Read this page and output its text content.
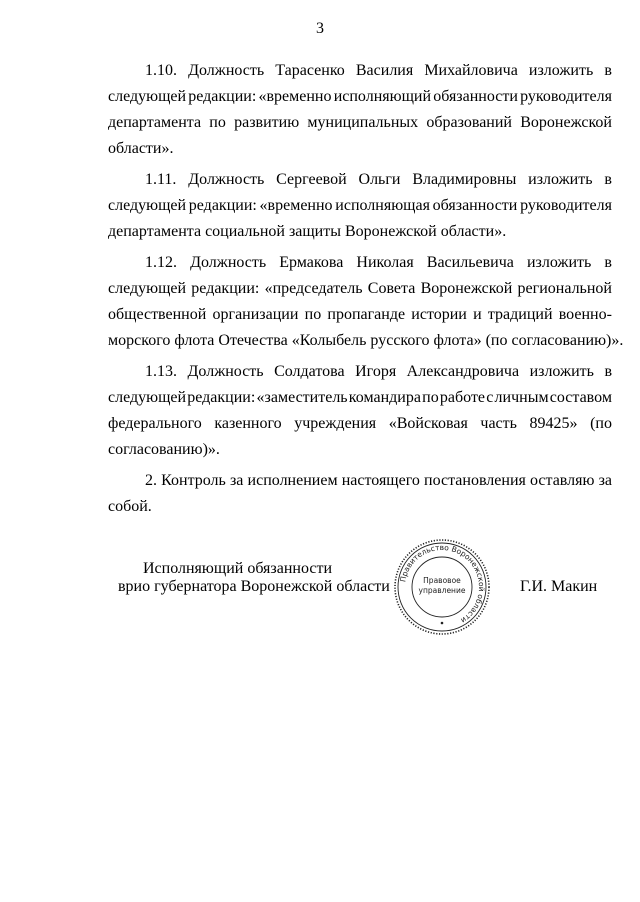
3
1.10. Должность Тарасенко Василия Михайловича изложить в
следующей редакции: «временно исполняющий обязанности руководителя
департамента по развитию муниципальных образований Воронежской
области».
1.11. Должность Сергеевой Ольги Владимировны изложить в
следующей редакции: «временно исполняющая обязанности руководителя
департамента социальной защиты Воронежской области».
1.12. Должность Ермакова Николая Васильевича изложить в
следующей редакции: «председатель Совета Воронежской региональной
общественной организации по пропаганде истории и традиций военно-
морского флота Отечества «Колыбель русского флота» (по согласованию)».
1.13. Должность Солдатова Игоря Александровича изложить в
следующей редакции: «заместитель командира по работе с личным составом
федерального казенного учреждения «Войсковая часть 89425» (по
согласованию)».
2. Контроль за исполнением настоящего постановления оставляю за
собой.
Исполняющий обязанности
врио губернатора Воронежской области Правительство Воронежской области
Правовое
управление	Г.И. Макин
